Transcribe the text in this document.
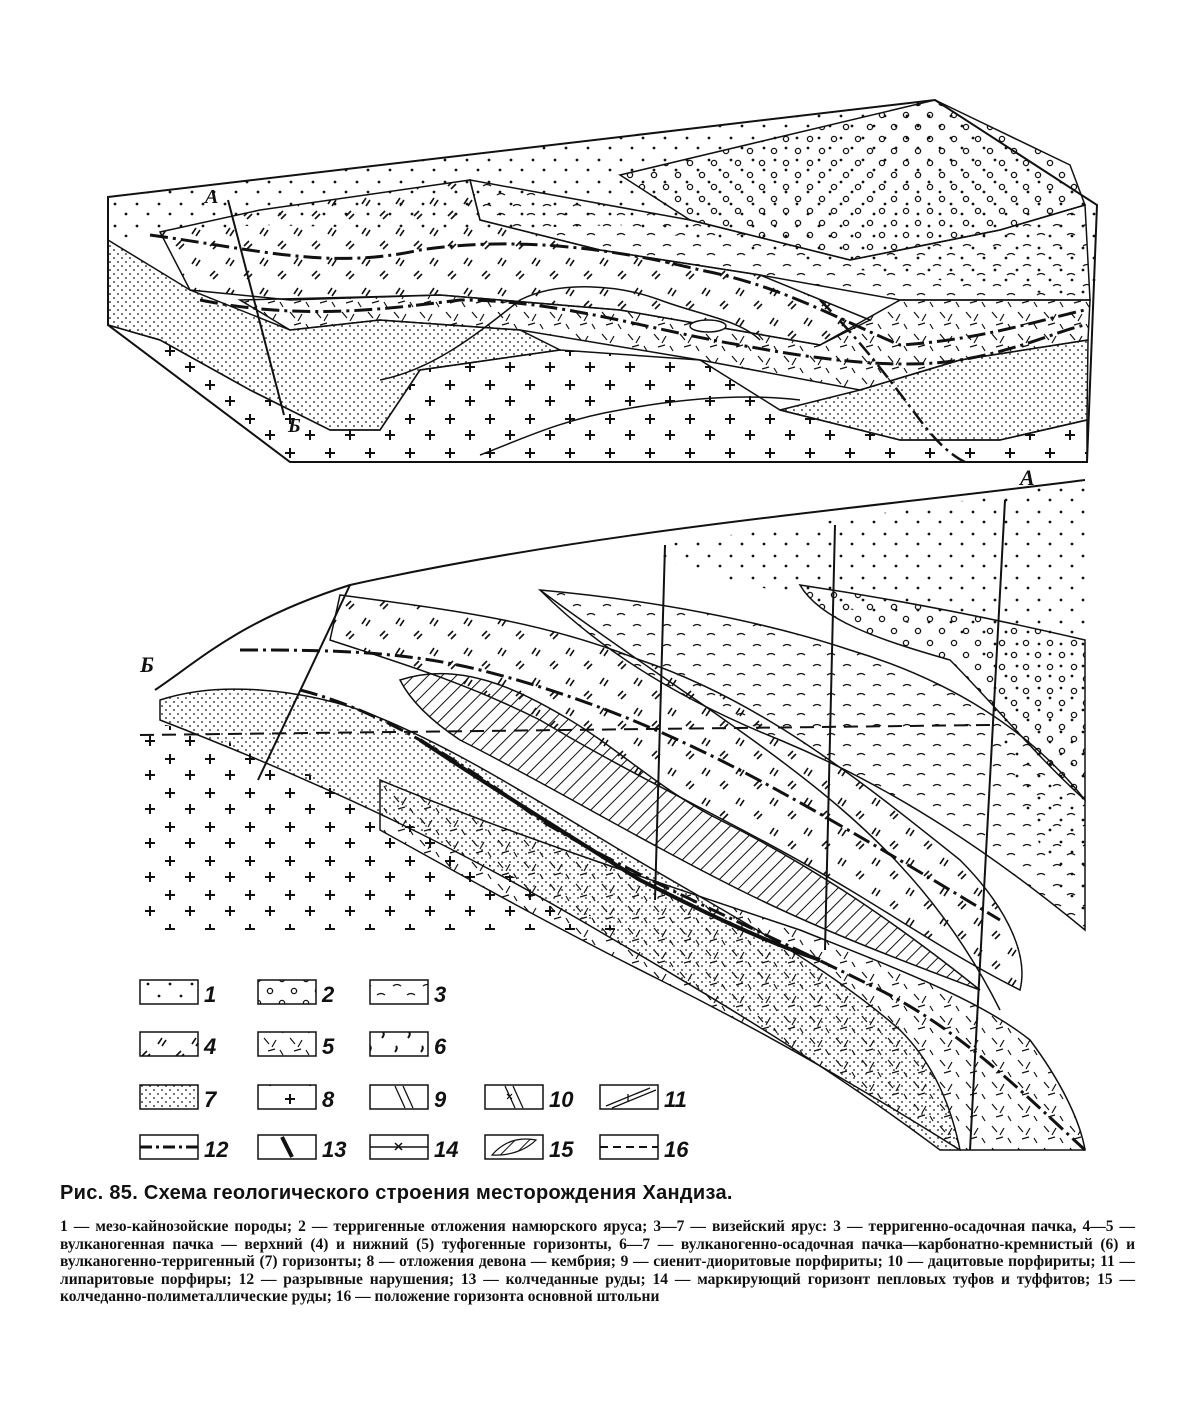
А
Б
А
Б
1	2	3
4	5	6
7	8	9	10	11
12	13	14	15	16
Рис. 85. Схема геологического строения месторождения Хандиза.
1 — мезо-кайнозойские породы; 2 — терригенные отложения намюрского яруса; 3—7 — визейский ярус: 3 — терригенно-осадочная пачка, 4—5 — вулканогенная пачка — верхний (4) и нижний (5) туфогенные горизонты, 6—7 — вулканогенно-осадочная пачка—карбонатно-кремнистый (6) и вулканогенно-терригенный (7) горизонты; 8 — отложения девона — кембрия; 9 — сиенит-диоритовые порфириты; 10 — дацитовые порфириты; 11 — липаритовые порфиры; 12 — разрывные нарушения; 13 — колчеданные руды; 14 — маркирующий горизонт пепловых туфов и туффитов; 15 — колчеданно-полиметаллические руды; 16 — положение горизонта основной штольни
